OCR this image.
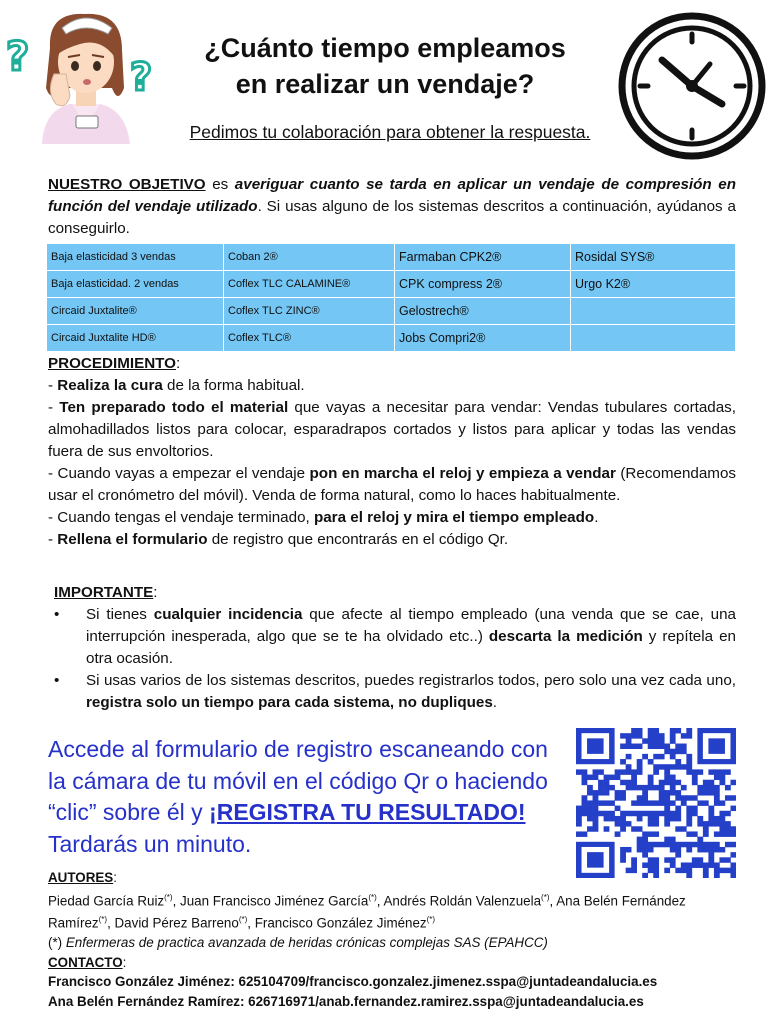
?	?
¿Cuánto tiempo empleamos
en realizar un vendaje?
Pedimos tu colaboración para obtener la respuesta.
NUESTRO OBJETIVO es averiguar cuanto se tarda en aplicar un vendaje de compresión en función del vendaje utilizado. Si usas alguno de los sistemas descritos a continuación, ayúdanos a conseguirlo.
Baja elasticidad 3 vendas	Coban 2®	Farmaban CPK2®	Rosidal SYS®
Baja elasticidad. 2 vendas	Coflex TLC CALAMINE®	CPK compress 2®	Urgo K2®
Circaid Juxtalite®	Coflex TLC ZINC®	Gelostrech®	
Circaid Juxtalite HD®	Coflex TLC®	Jobs Compri2®	
PROCEDIMIENTO:
- Realiza la cura de la forma habitual.
- Ten preparado todo el material que vayas a necesitar para vendar: Vendas tubulares cortadas, almohadillados listos para colocar, esparadrapos cortados y listos para aplicar y todas las vendas fuera de sus envoltorios.
- Cuando vayas a empezar el vendaje pon en marcha el reloj y empieza a vendar (Recomendamos usar el cronómetro del móvil). Venda de forma natural, como lo haces habitualmente.
- Cuando tengas el vendaje terminado, para el reloj y mira el tiempo empleado.
- Rellena el formulario de registro que encontrarás en el código Qr.
IMPORTANTE:
•	Si tienes cualquier incidencia que afecte al tiempo empleado (una venda que se cae, una interrupción inesperada, algo que se te ha olvidado etc..) descarta la medición y repítela en otra ocasión.
•	Si usas varios de los sistemas descritos, puedes registrarlos todos, pero solo una vez cada uno, registra solo un tiempo para cada sistema, no dupliques.
Accede al formulario de registro escaneando con la cámara de tu móvil en el código Qr o haciendo “clic” sobre él y ¡REGISTRA TU RESULTADO! Tardarás un minuto.
AUTORES:
Piedad García Ruiz(*), Juan Francisco Jiménez García(*), Andrés Roldán Valenzuela(*), Ana Belén Fernández Ramírez(*), David Pérez Barreno(*), Francisco González Jiménez(*)
(*) Enfermeras de practica avanzada de heridas crónicas complejas SAS (EPAHCC)
CONTACTO:
Francisco González Jiménez: 625104709/francisco.gonzalez.jimenez.sspa@juntadeandalucia.es
Ana Belén Fernández Ramírez: 626716971/anab.fernandez.ramirez.sspa@juntadeandalucia.es
